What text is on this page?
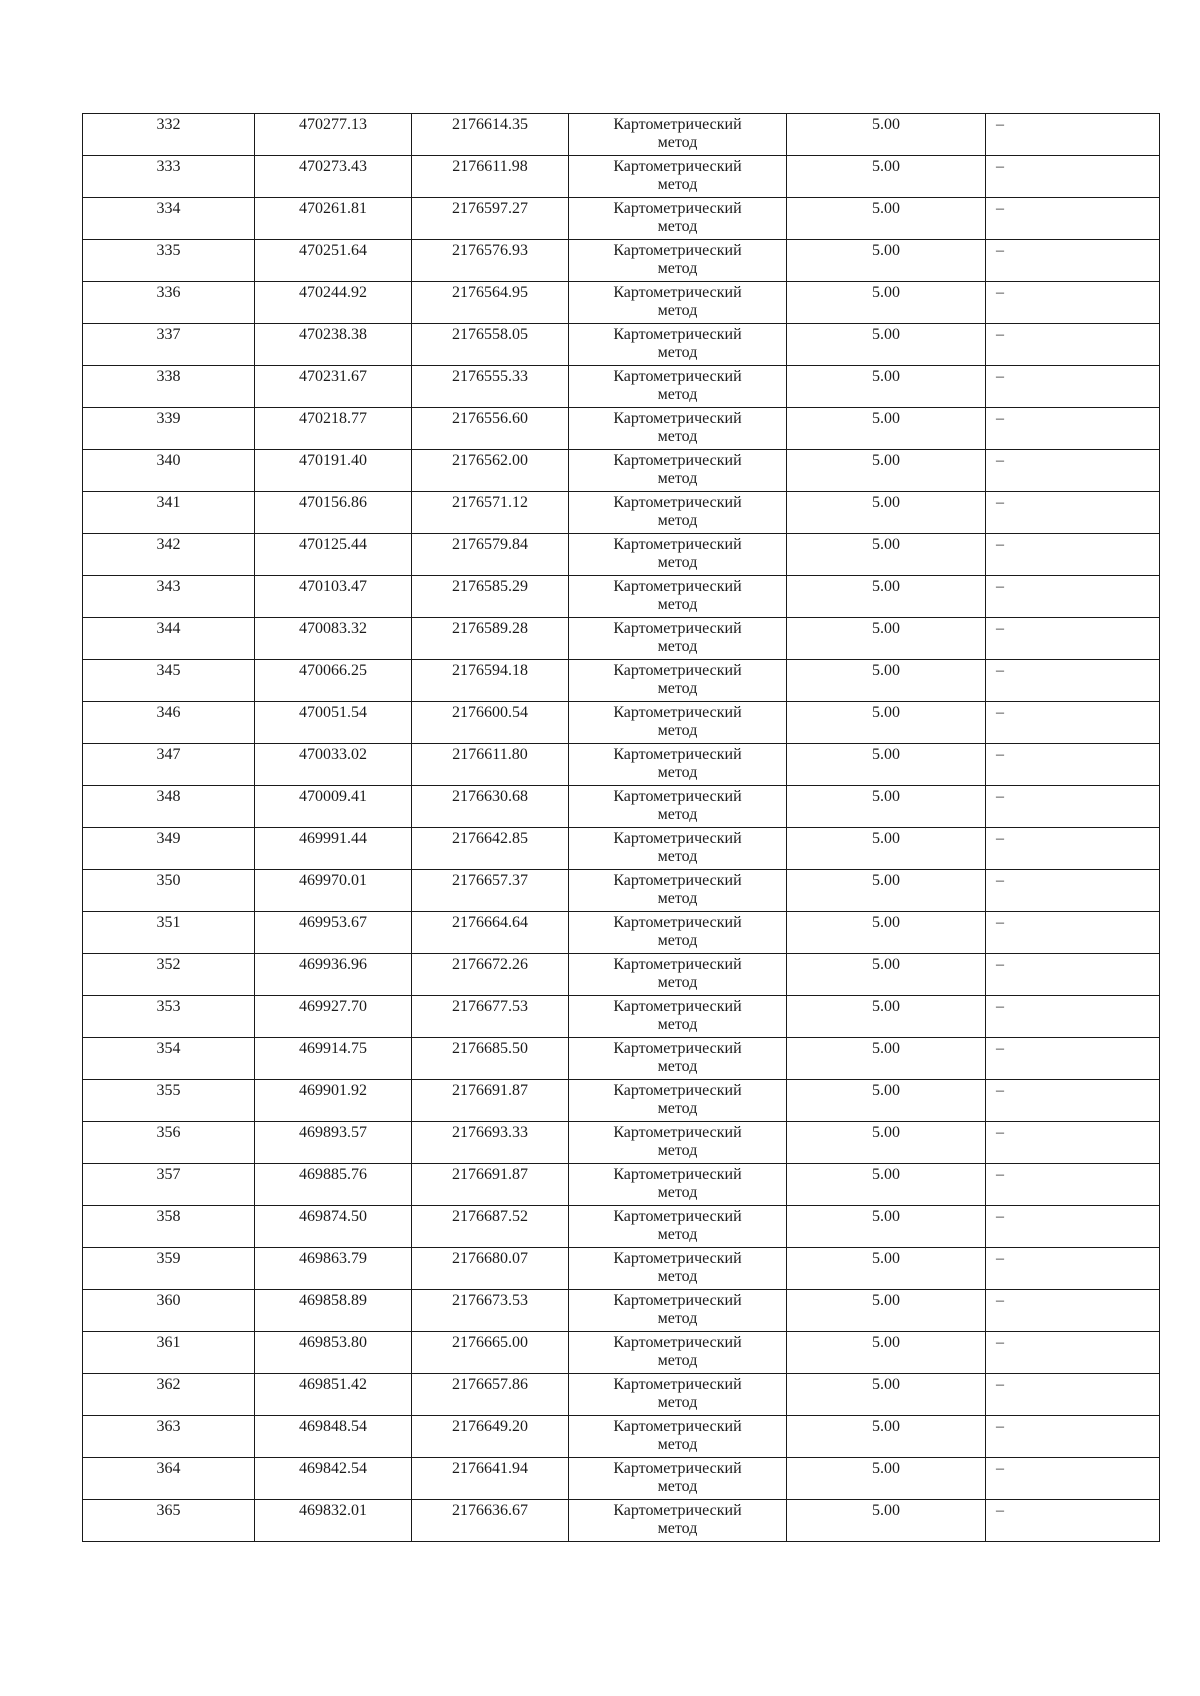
332	470277.13	2176614.35	Картометрический метод	5.00	–
333	470273.43	2176611.98	Картометрический метод	5.00	–
334	470261.81	2176597.27	Картометрический метод	5.00	–
335	470251.64	2176576.93	Картометрический метод	5.00	–
336	470244.92	2176564.95	Картометрический метод	5.00	–
337	470238.38	2176558.05	Картометрический метод	5.00	–
338	470231.67	2176555.33	Картометрический метод	5.00	–
339	470218.77	2176556.60	Картометрический метод	5.00	–
340	470191.40	2176562.00	Картометрический метод	5.00	–
341	470156.86	2176571.12	Картометрический метод	5.00	–
342	470125.44	2176579.84	Картометрический метод	5.00	–
343	470103.47	2176585.29	Картометрический метод	5.00	–
344	470083.32	2176589.28	Картометрический метод	5.00	–
345	470066.25	2176594.18	Картометрический метод	5.00	–
346	470051.54	2176600.54	Картометрический метод	5.00	–
347	470033.02	2176611.80	Картометрический метод	5.00	–
348	470009.41	2176630.68	Картометрический метод	5.00	–
349	469991.44	2176642.85	Картометрический метод	5.00	–
350	469970.01	2176657.37	Картометрический метод	5.00	–
351	469953.67	2176664.64	Картометрический метод	5.00	–
352	469936.96	2176672.26	Картометрический метод	5.00	–
353	469927.70	2176677.53	Картометрический метод	5.00	–
354	469914.75	2176685.50	Картометрический метод	5.00	–
355	469901.92	2176691.87	Картометрический метод	5.00	–
356	469893.57	2176693.33	Картометрический метод	5.00	–
357	469885.76	2176691.87	Картометрический метод	5.00	–
358	469874.50	2176687.52	Картометрический метод	5.00	–
359	469863.79	2176680.07	Картометрический метод	5.00	–
360	469858.89	2176673.53	Картометрический метод	5.00	–
361	469853.80	2176665.00	Картометрический метод	5.00	–
362	469851.42	2176657.86	Картометрический метод	5.00	–
363	469848.54	2176649.20	Картометрический метод	5.00	–
364	469842.54	2176641.94	Картометрический метод	5.00	–
365	469832.01	2176636.67	Картометрический метод	5.00	–
